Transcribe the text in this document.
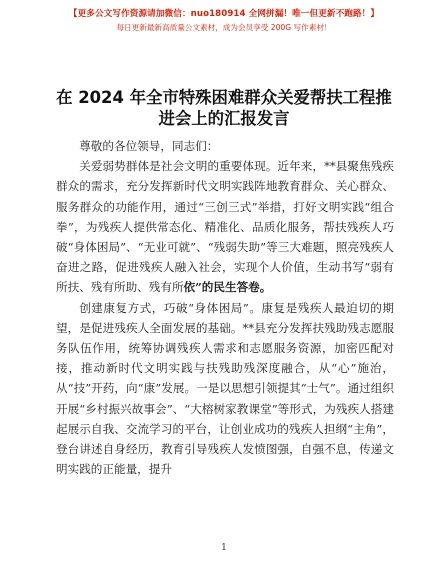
【更多公文写作资源请加微信：nuo180914 全网拼漏！唯一但更新不跑路！】
每日更新最新高质量公文素材，成为会员享受 200G 写作素材！
在 2024 年全市特殊困难群众关爱帮扶工程推进会上的汇报发言

尊敬的各位领导，同志们：

关爱弱势群体是社会文明的重要体现。近年来，**县聚焦残疾群众的需求，充分发挥新时代文明实践阵地教育群众、关心群众、服务群众的功能作用，通过“三创三式”举措，打好文明实践“组合拳”，为残疾人提供常态化、精准化、品质化服务，帮扶残疾人巧破“身体困局”、“无业可就”、“残弱失助”等三大难题，照亮残疾人奋进之路，促进残疾人融入社会，实现个人价值，生动书写“弱有所扶、残有所助、残有所依”的民生答卷。

创建康复方式，巧破“身体困局”。康复是残疾人最迫切的期望，是促进残疾人全面发展的基础。**县充分发挥扶残助残志愿服务队伍作用，统筹协调残疾人需求和志愿服务资源，加密匹配对接，推动新时代文明实践与扶残助残深度融合，从“心”施治，从“技”开药，向“康”发展。一是以思想引领提其“士气”。通过组织开展“乡村振兴故事会”、“大榕树家教课堂”等形式，为残疾人搭建起展示自我、交流学习的平台，让创业成功的残疾人担纲“主角”，登台讲述自身经历，教育引导残疾人发愤图强，自强不息，传递文明实践的正能量，提升

1
